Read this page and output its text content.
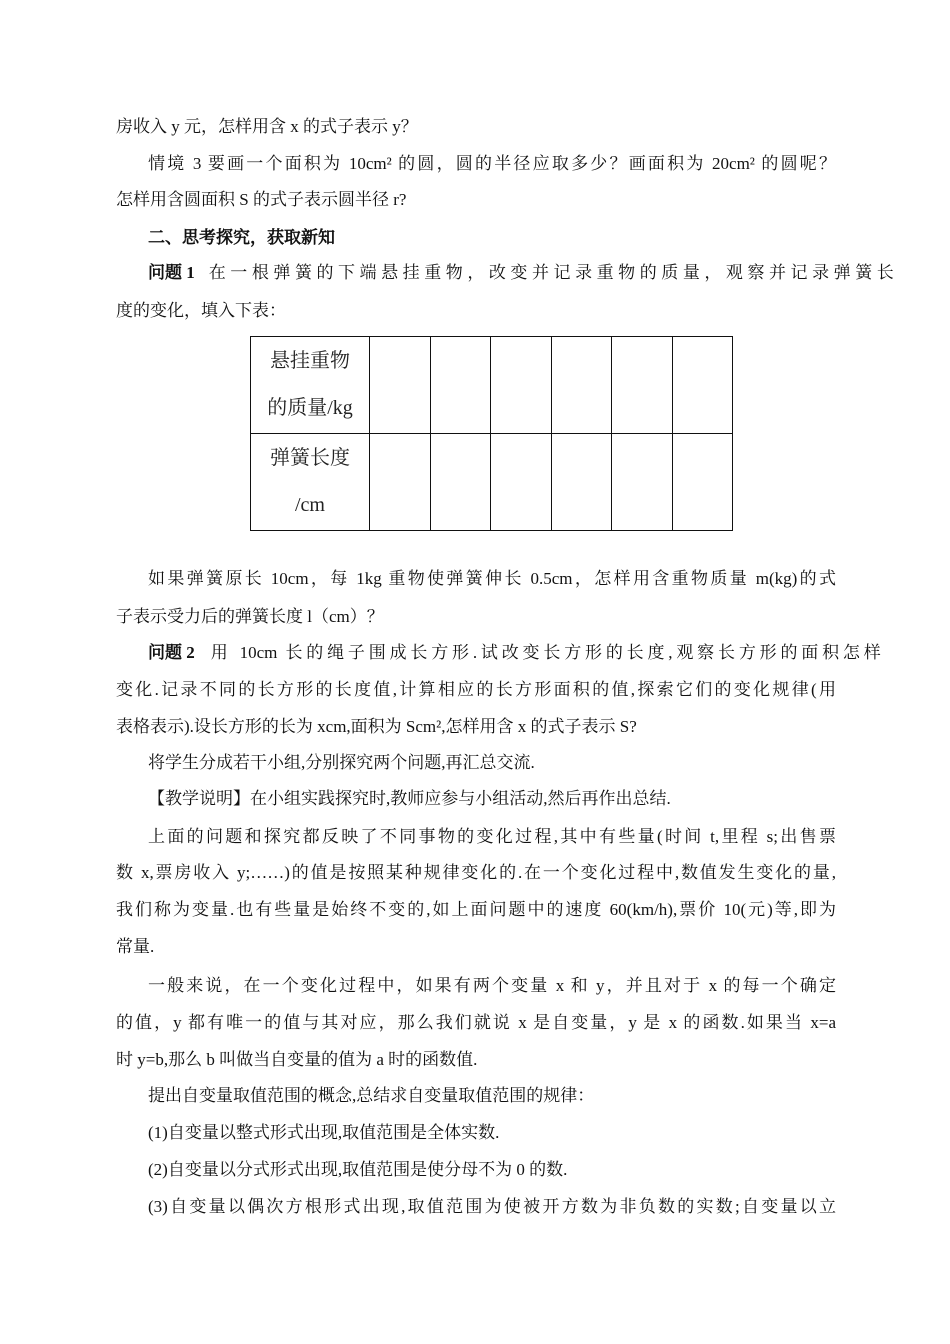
房收入 y 元，怎样用含 x 的式子表示 y？
情境 3 要画一个面积为 10cm² 的圆，圆的半径应取多少？画面积为 20cm² 的圆呢？
怎样用含圆面积 S 的式子表示圆半径 r?
二、思考探究，获取新知
问题 1 在一根弹簧的下端悬挂重物，改变并记录重物的质量，观察并记录弹簧长
度的变化，填入下表：
悬挂重物
的质量/kg						

弹簧长度
/cm						

如果弹簧原长 10cm，每 1kg 重物使弹簧伸长 0.5cm，怎样用含重物质量 m(kg)的式
子表示受力后的弹簧长度 l（cm）？
问题 2 用 10cm 长的绳子围成长方形.试改变长方形的长度,观察长方形的面积怎样
变化.记录不同的长方形的长度值,计算相应的长方形面积的值,探索它们的变化规律(用
表格表示).设长方形的长为 xcm,面积为 Scm²,怎样用含 x 的式子表示 S?
将学生分成若干小组,分别探究两个问题,再汇总交流.
【教学说明】在小组实践探究时,教师应参与小组活动,然后再作出总结.
上面的问题和探究都反映了不同事物的变化过程,其中有些量(时间 t,里程 s;出售票
数 x,票房收入 y;……)的值是按照某种规律变化的.在一个变化过程中,数值发生变化的量,
我们称为变量.也有些量是始终不变的,如上面问题中的速度 60(km/h),票价 10(元)等,即为
常量.
一般来说，在一个变化过程中，如果有两个变量 x 和 y，并且对于 x 的每一个确定
的值，y 都有唯一的值与其对应，那么我们就说 x 是自变量，y 是 x 的函数.如果当 x=a
时 y=b,那么 b 叫做当自变量的值为 a 时的函数值.
提出自变量取值范围的概念,总结求自变量取值范围的规律：
(1)自变量以整式形式出现,取值范围是全体实数.
(2)自变量以分式形式出现,取值范围是使分母不为 0 的数.
(3)自变量以偶次方根形式出现,取值范围为使被开方数为非负数的实数;自变量以立
